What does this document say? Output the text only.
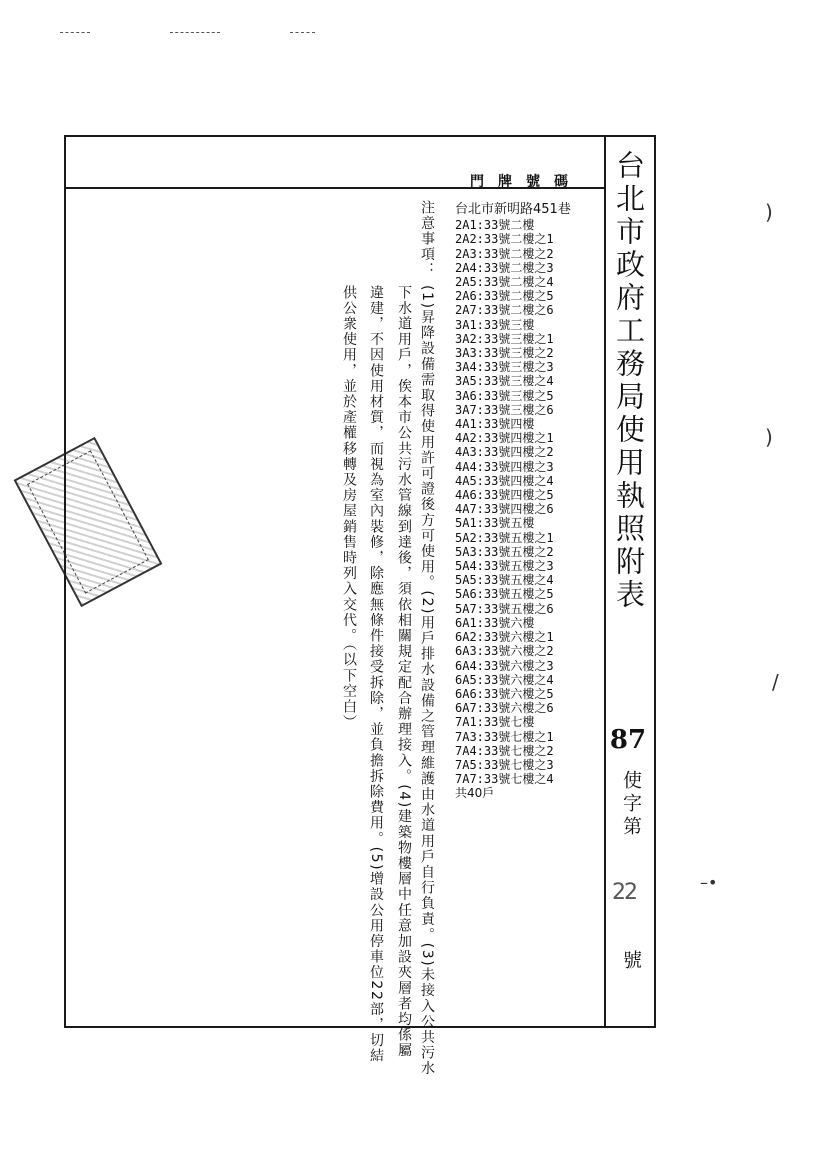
)
)
/
–•
台北市政府工務局使用執照附表
87
使字第
22
號
門牌號碼
台北市新明路451巷
2A1:33號二樓
2A2:33號二樓之1
2A3:33號二樓之2
2A4:33號二樓之3
2A5:33號二樓之4
2A6:33號二樓之5
2A7:33號二樓之6
3A1:33號三樓
3A2:33號三樓之1
3A3:33號三樓之2
3A4:33號三樓之3
3A5:33號三樓之4
3A6:33號三樓之5
3A7:33號三樓之6
4A1:33號四樓
4A2:33號四樓之1
4A3:33號四樓之2
4A4:33號四樓之3
4A5:33號四樓之4
4A6:33號四樓之5
4A7:33號四樓之6
5A1:33號五樓
5A2:33號五樓之1
5A3:33號五樓之2
5A4:33號五樓之3
5A5:33號五樓之4
5A6:33號五樓之5
5A7:33號五樓之6
6A1:33號六樓
6A2:33號六樓之1
6A3:33號六樓之2
6A4:33號六樓之3
6A5:33號六樓之4
6A6:33號六樓之5
6A7:33號六樓之6
7A1:33號七樓
7A3:33號七樓之1
7A4:33號七樓之2
7A5:33號七樓之3
7A7:33號七樓之4
共40戶
注意事項：
(1)昇降設備需取得使用許可證後方可使用。(2)用戶排水設備之管理維護由水道用戶自行負責。(3)未接入公共污水
下水道用戶，俟本市公共污水管線到達後，須依相關規定配合辦理接入。(4)建築物樓層中任意加設夾層者均係屬
違建，不因使用材質，而視為室內裝修，除應無條件接受拆除，並負擔拆除費用。(5)增設公用停車位22部，切結
供公衆使用，並於產權移轉及房屋銷售時列入交代。（以下空白）
